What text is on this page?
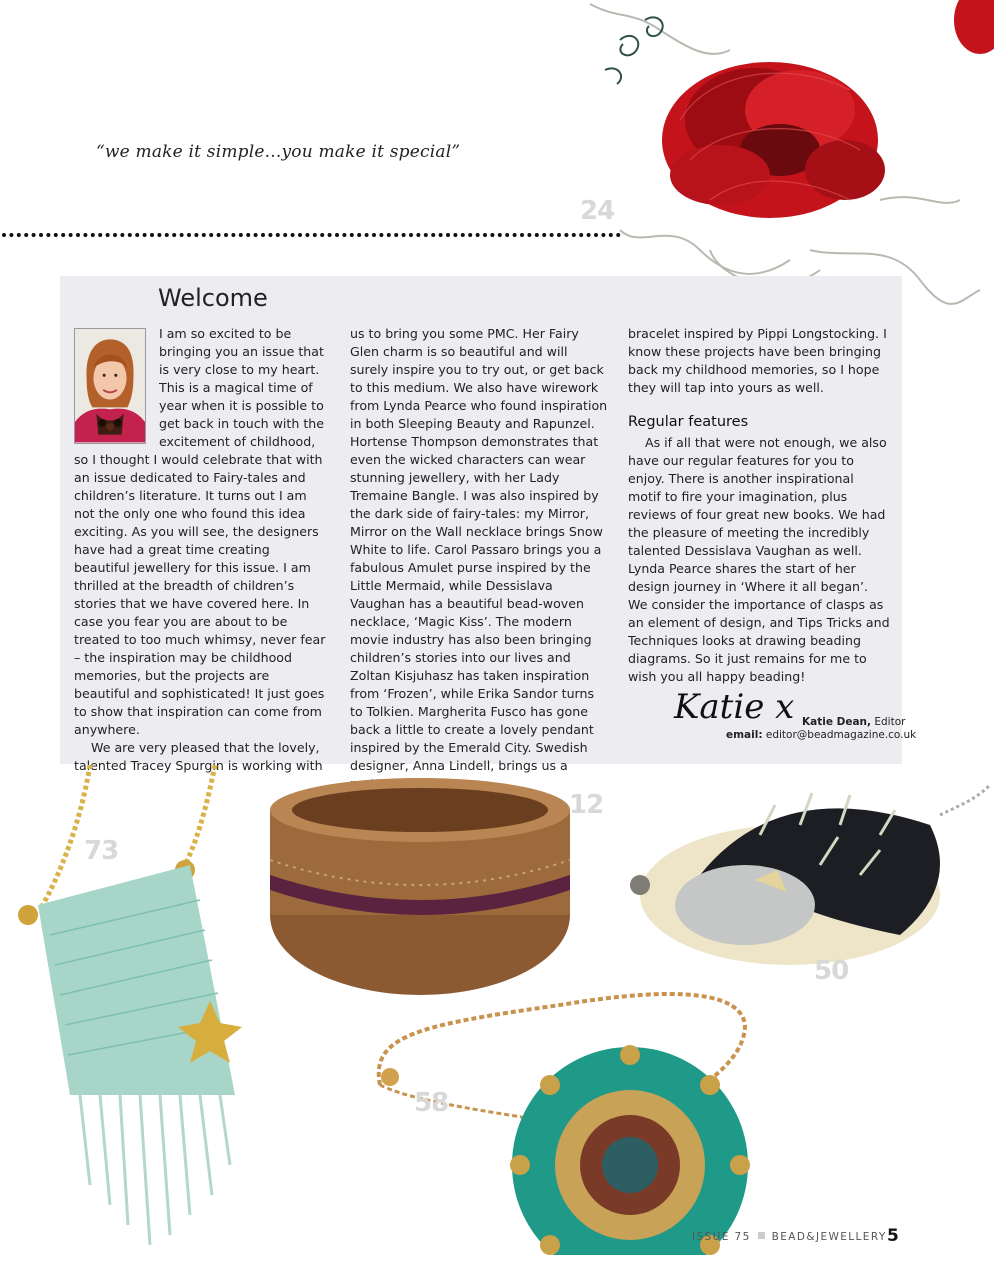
“we make it simple...you make it special”
24
Welcome

I am so excited to be bringing you an issue that is very close to my heart. This is a magical time of year when it is possible to get back in touch with the excitement of childhood, so I thought I would celebrate that with an issue dedicated to Fairy-tales and children’s literature. It turns out I am not the only one who found this idea exciting. As you will see, the designers have had a great time creating beautiful jewellery for this issue. I am thrilled at the breadth of children’s stories that we have covered here. In case you fear you are about to be treated to too much whimsy, never fear – the inspiration may be childhood memories, but the projects are beautiful and sophisticated! It just goes to show that inspiration can come from anywhere.

We are very pleased that the lovely, talented Tracey Spurgin is working with

us to bring you some PMC. Her Fairy Glen charm is so beautiful and will surely inspire you to try out, or get back to this medium. We also have wirework from Lynda Pearce who found inspiration in both Sleeping Beauty and Rapunzel. Hortense Thompson demonstrates that even the wicked characters can wear stunning jewellery, with her Lady Tremaine Bangle. I was also inspired by the dark side of fairy-tales: my Mirror, Mirror on the Wall necklace brings Snow White to life. Carol Passaro brings you a fabulous Amulet purse inspired by the Little Mermaid, while Dessislava Vaughan has a beautiful bead-woven necklace, ‘Magic Kiss’. The modern movie industry has also been bringing children’s stories into our lives and Zoltan Kisjuhasz has taken inspiration from ‘Frozen’, while Erika Sandor turns to Tolkien. Margherita Fusco has gone back a little to create a lovely pendant inspired by the Emerald City. Swedish designer, Anna Lindell, brings us a

bracelet inspired by Pippi Longstocking. I know these projects have been bringing back my childhood memories, so I hope they will tap into yours as well.

Regular features

As if all that were not enough, we also have our regular features for you to enjoy. There is another inspirational motif to fire your imagination, plus reviews of four great new books. We had the pleasure of meeting the incredibly talented Dessislava Vaughan as well. Lynda Pearce shares the start of her design journey in ‘Where it all began’. We consider the importance of clasps as an element of design, and Tips Tricks and Techniques looks at drawing beading diagrams. So it just remains for me to wish you all happy beading!

Katie x Katie Dean, Editor
email: editor@beadmagazine.co.uk
12
73
50
58
ISSUE 75 BEAD&JEWELLERY 5
